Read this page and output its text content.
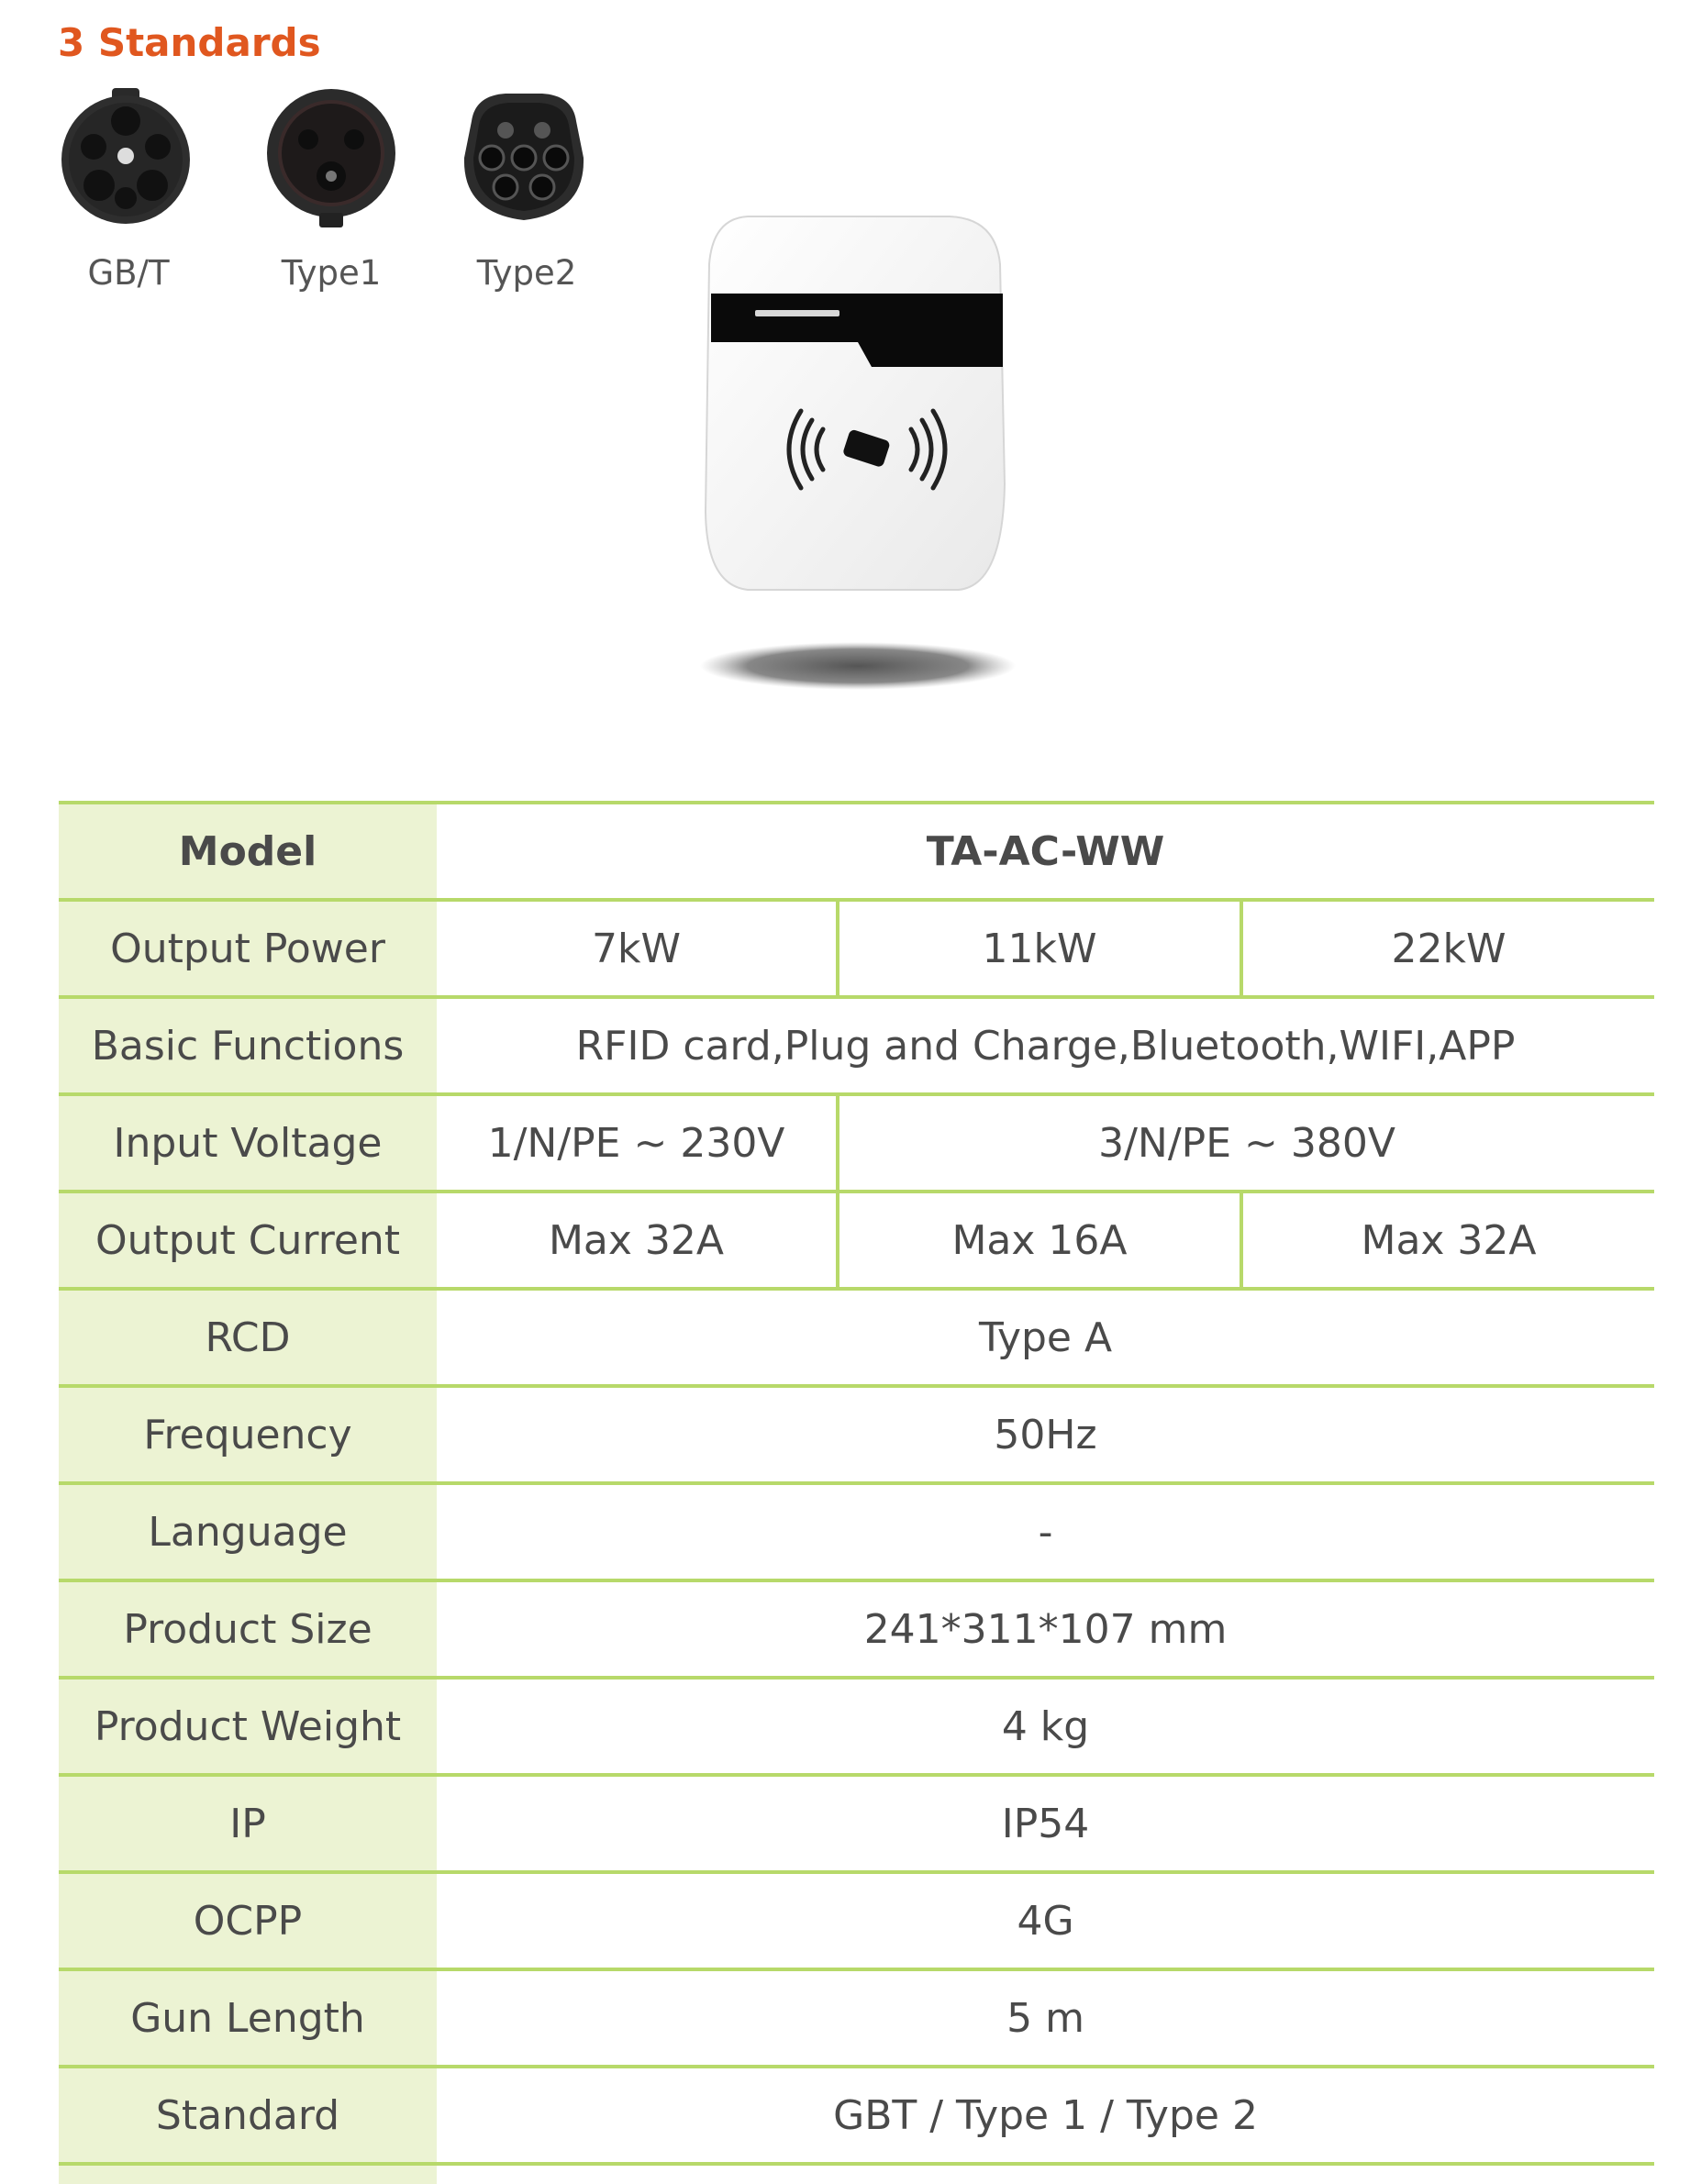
3 Standards
GB/T	Type1	Type2
Model	TA-AC-WW		
Output Power	7kW	11kW	22kW
Basic Functions	RFID card,Plug and Charge,Bluetooth,WIFI,APP		
Input Voltage	1/N/PE ~ 230V	3/N/PE ~ 380V	
Output Current	Max 32A	Max 16A	Max 32A
RCD	Type A		
Frequency	50Hz		
Language	-		
Product Size	241*311*107 mm		
Product Weight	4 kg		
IP	IP54		
OCPP	4G		
Gun Length	5 m		
Standard	GBT / Type 1 / Type 2		
